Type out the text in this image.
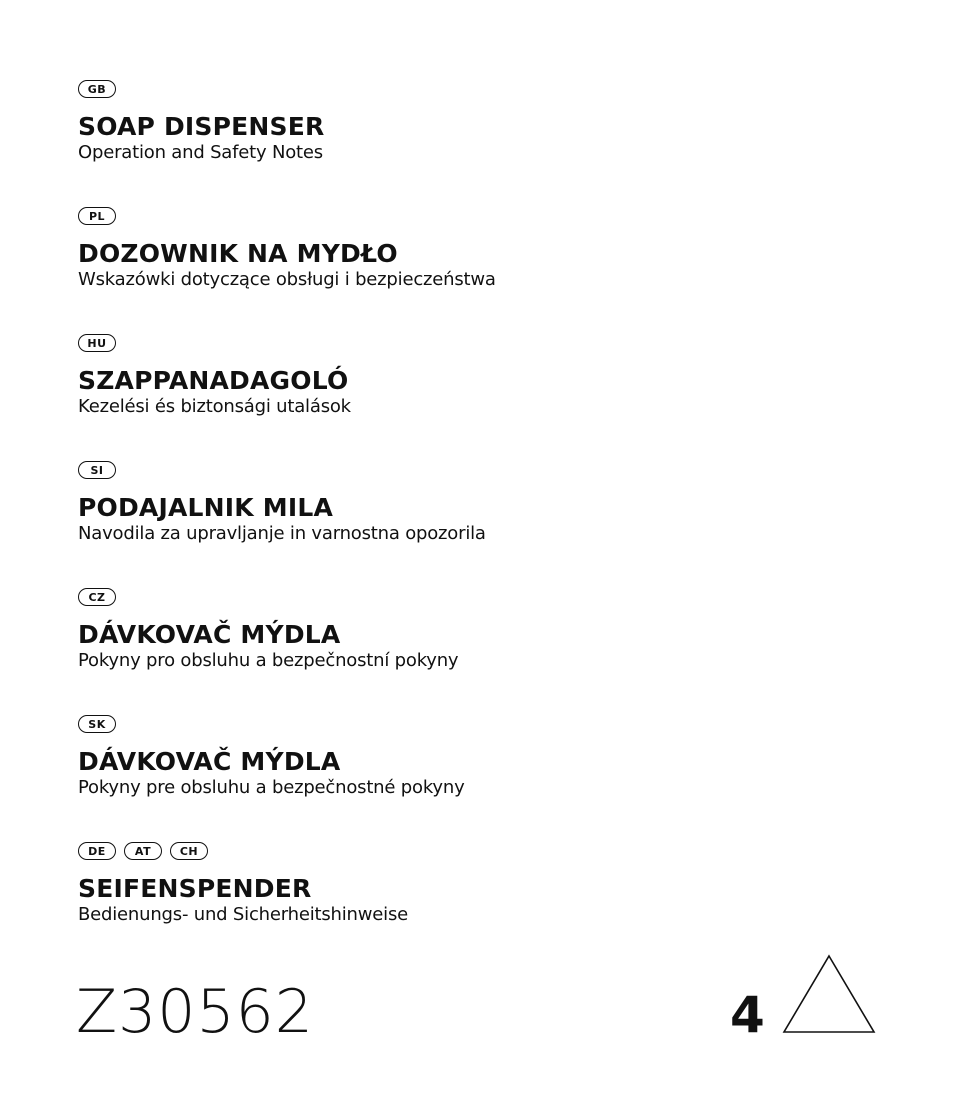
GB
SOAP DISPENSER

Operation and Safety Notes

PL
DOZOWNIK NA MYDŁO

Wskazówki dotyczące obsługi i bezpieczeństwa

HU
SZAPPANADAGOLÓ

Kezelési és biztonsági utalások

SI
PODAJALNIK MILA

Navodila za upravljanje in varnostna opozorila

CZ
DÁVKOVAČ MÝDLA

Pokyny pro obsluhu a bezpečnostní pokyny

SK
DÁVKOVAČ MÝDLA

Pokyny pre obsluhu a bezpečnostné pokyny

DE	AT	CH
SEIFENSPENDER

Bedienungs- und Sicherheitshinweise

Z30562	4
